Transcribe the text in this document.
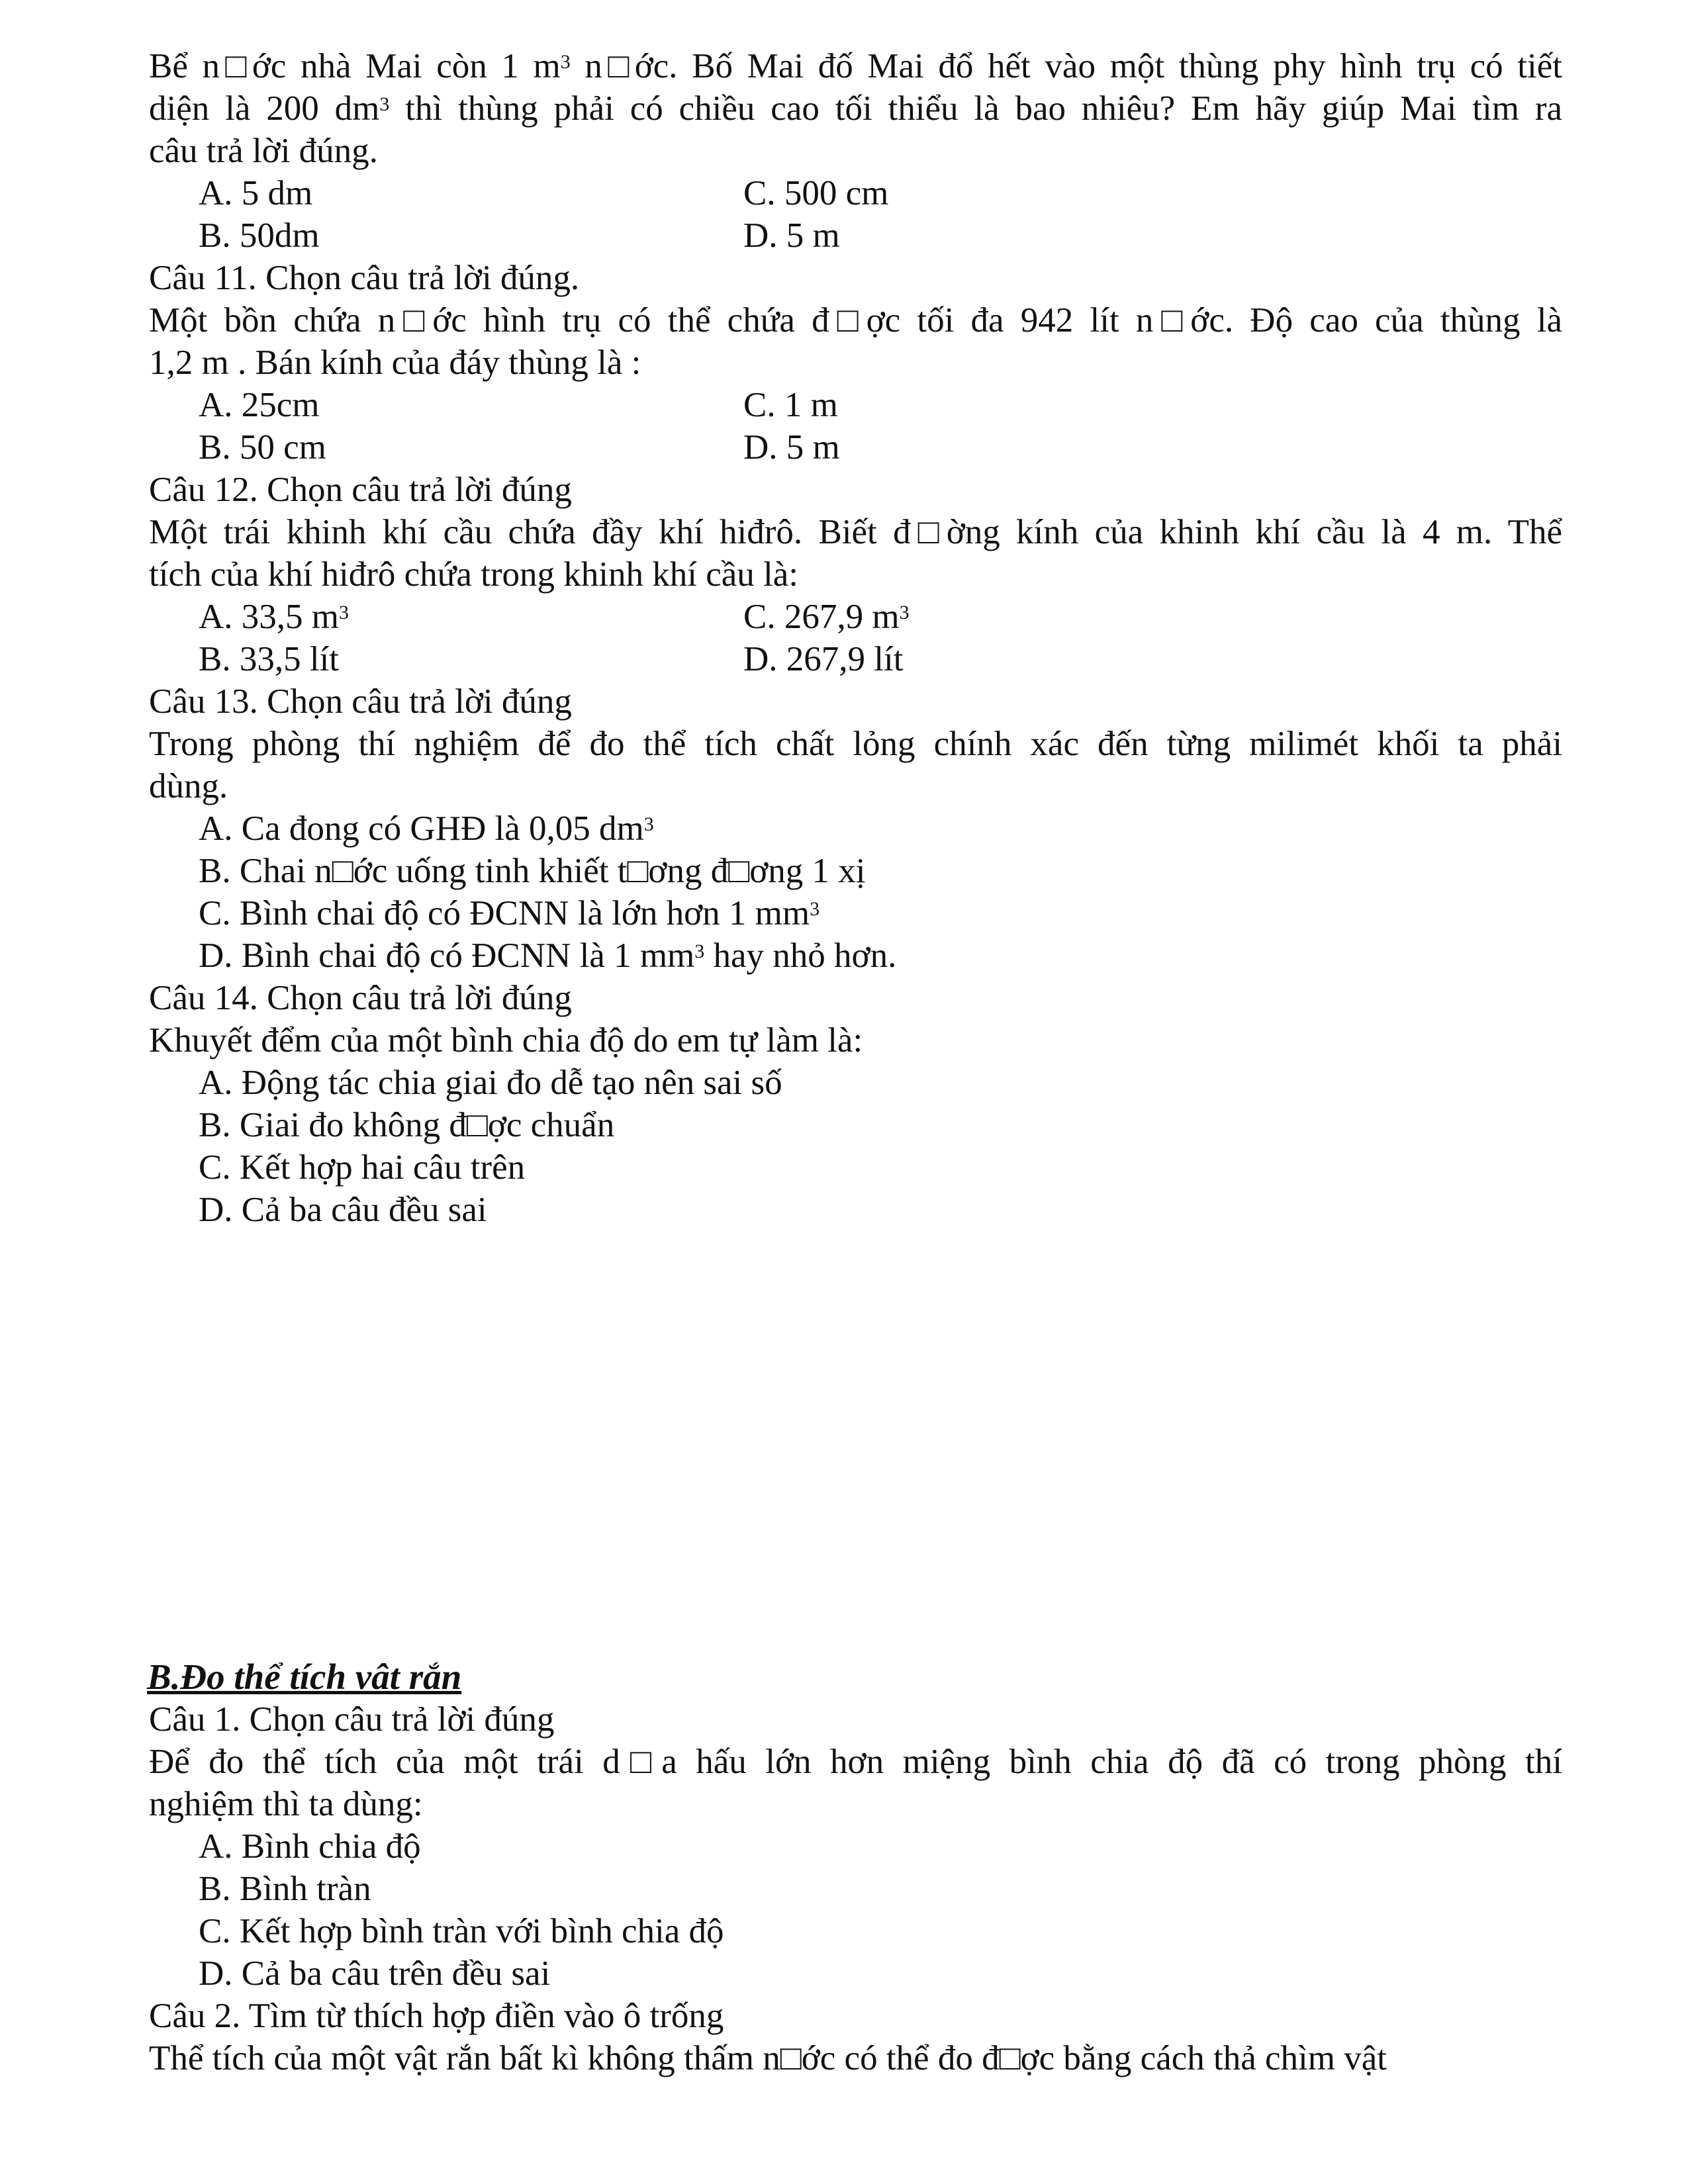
Bể n□ớc nhà Mai còn 1 $m^3$ n□ớc. Bố Mai đố Mai đổ hết vào một thùng phy hình trụ có tiết
diện là 200 $dm^3$ thì thùng phải có chiều cao tối thiểu là bao nhiêu? Em hãy giúp Mai tìm ra
câu trả lời đúng.
A. 5 dm	C. 500 cm
B. 50dm	D. 5 m
Câu 11. Chọn câu trả lời đúng.
Một bồn chứa n□ớc hình trụ có thể chứa đ□ợc tối đa 942 lít n□ớc. Độ cao của thùng là
1,2 m . Bán kính của đáy thùng là :
A. 25cm	C. 1 m
B. 50 cm	D. 5 m
Câu 12. Chọn câu trả lời đúng
Một trái khinh khí cầu chứa đầy khí hiđrô. Biết đ□ờng kính của khinh khí cầu là 4 m. Thể
tích của khí hiđrô chứa trong khinh khí cầu là:
A. 33,5 $m^3$	C. 267,9 $m^3$
B. 33,5 lít	D. 267,9 lít
Câu 13. Chọn câu trả lời đúng
Trong phòng thí nghiệm để đo thể tích chất lỏng chính xác đến từng milimét khối ta phải
dùng.
A. Ca đong có GHĐ là 0,05 $dm^3$
B. Chai n□ớc uống tinh khiết t□ơng đ□ơng 1 xị
C. Bình chai độ có ĐCNN là lớn hơn 1 $mm^3$
D. Bình chai độ có ĐCNN là 1 $mm^3$ hay nhỏ hơn.
Câu 14. Chọn câu trả lời đúng
Khuyết đểm của một bình chia độ do em tự làm là:
A. Động tác chia giai đo dễ tạo nên sai số
B. Giai đo không đ□ợc chuẩn
C. Kết hợp hai câu trên
D. Cả ba câu đều sai
B.Đo thể tích vât rắn
Câu 1. Chọn câu trả lời đúng
Để đo thể tích của một trái d□a hấu lớn hơn miệng bình chia độ đã có trong phòng thí
nghiệm thì ta dùng:
A. Bình chia độ
B. Bình tràn
C. Kết hợp bình tràn với bình chia độ
D. Cả ba câu trên đều sai
Câu 2. Tìm từ thích hợp điền vào ô trống
Thể tích của một vật rắn bất kì không thấm n□ớc có thể đo đ□ợc bằng cách thả chìm vật
